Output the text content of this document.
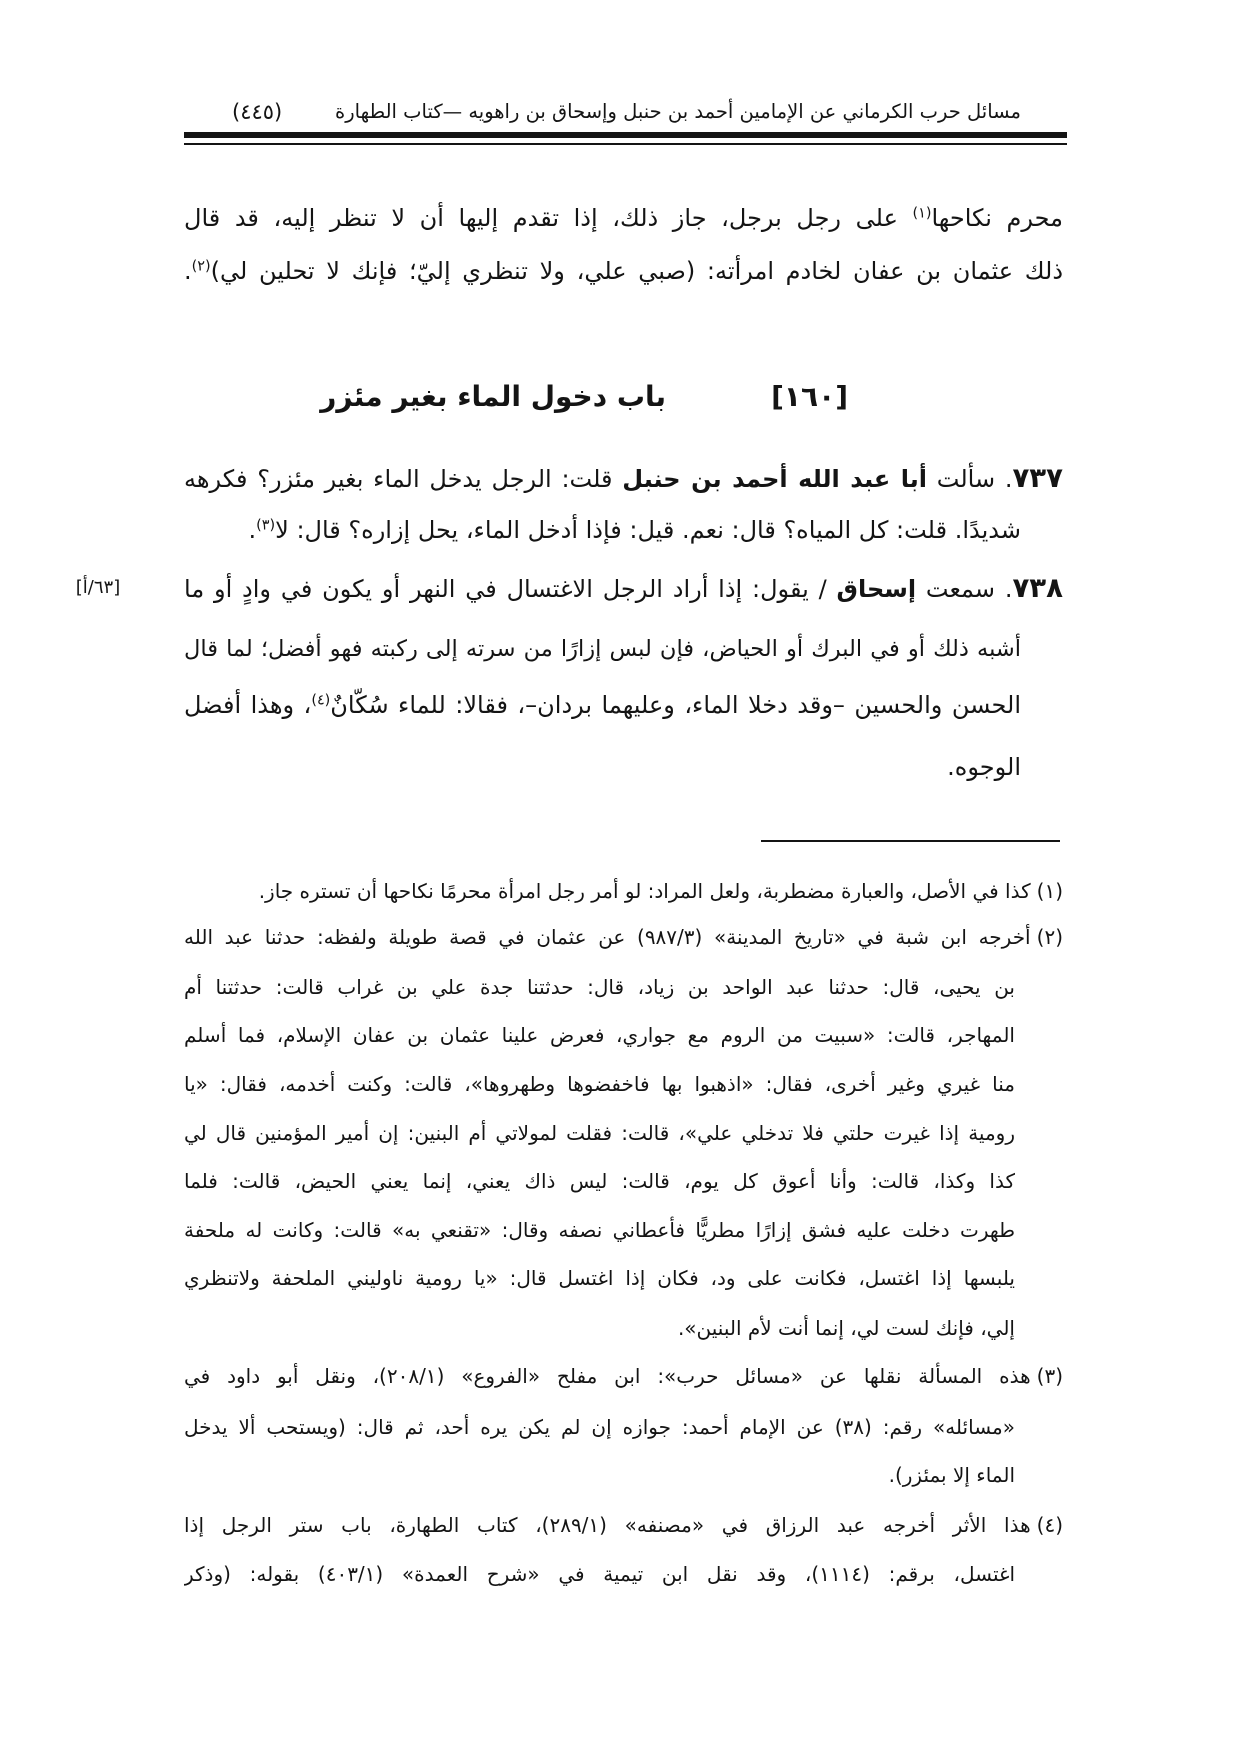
مسائل حرب الكرماني عن الإمامين أحمد بن حنبل وإسحاق بن راهويه —كتاب الطهارة
(٤٤٥)
محرم نكاحها$^{(١)}$ على رجل برجل، جاز ذلك، إذا تقدم إليها أن لا تنظر إليه، قد قال
ذلك عثمان بن عفان لخادم امرأته: (صبي علي، ولا تنظري إليّ؛ فإنك لا تحلين لي)$^{(٢)}$.
[١٦٠]
باب دخول الماء بغير مئزر
٧٣٧. سألت أبا عبد الله أحمد بن حنبل قلت: الرجل يدخل الماء بغير مئزر؟ فكرهه
شديدًا. قلت: كل المياه؟ قال: نعم. قيل: فإذا أدخل الماء، يحل إزاره؟ قال: لا$^{(٣)}$.
٧٣٨. سمعت إسحاق / يقول: إذا أراد الرجل الاغتسال في النهر أو يكون في وادٍ أو ما
[٦٣/أ]
أشبه ذلك أو في البرك أو الحياض، فإن لبس إزارًا من سرته إلى ركبته فهو أفضل؛ لما قال
الحسن والحسين –وقد دخلا الماء، وعليهما بردان–، فقالا: للماء سُكّانٌ$^{(٤)}$، وهذا أفضل
الوجوه.
(١)كذا في الأصل، والعبارة مضطربة، ولعل المراد: لو أمر رجل امرأة محرمًا نكاحها أن تستره جاز.
(٢)أخرجه ابن شبة في «تاريخ المدينة» (٩٨٧/٣) عن عثمان في قصة طويلة ولفظه: حدثنا عبد الله
بن يحيى، قال: حدثنا عبد الواحد بن زياد، قال: حدثتنا جدة علي بن غراب قالت: حدثتنا أم
المهاجر، قالت: «سبيت من الروم مع جواري، فعرض علينا عثمان بن عفان الإسلام، فما أسلم
منا غيري وغير أخرى، فقال: «اذهبوا بها فاخفضوها وطهروها»، قالت: وكنت أخدمه، فقال: «يا
رومية إذا غيرت حلتي فلا تدخلي علي»، قالت: فقلت لمولاتي أم البنين: إن أمير المؤمنين قال لي
كذا وكذا، قالت: وأنا أعوق كل يوم، قالت: ليس ذاك يعني، إنما يعني الحيض، قالت: فلما
طهرت دخلت عليه فشق إزارًا مطريًّا فأعطاني نصفه وقال: «تقنعي به» قالت: وكانت له ملحفة
يلبسها إذا اغتسل، فكانت على ود، فكان إذا اغتسل قال: «يا رومية ناوليني الملحفة ولاتنظري
إلي، فإنك لست لي، إنما أنت لأم البنين».
(٣)هذه المسألة نقلها عن «مسائل حرب»: ابن مفلح «الفروع» (٢٠٨/١)، ونقل أبو داود في
«مسائله» رقم: (٣٨) عن الإمام أحمد: جوازه إن لم يكن يره أحد، ثم قال: (ويستحب ألا يدخل
الماء إلا بمئزر).
(٤)هذا الأثر أخرجه عبد الرزاق في «مصنفه» (٢٨٩/١)، كتاب الطهارة، باب ستر الرجل إذا
اغتسل، برقم: (١١١٤)، وقد نقل ابن تيمية في «شرح العمدة» (٤٠٣/١) بقوله: (وذكر
